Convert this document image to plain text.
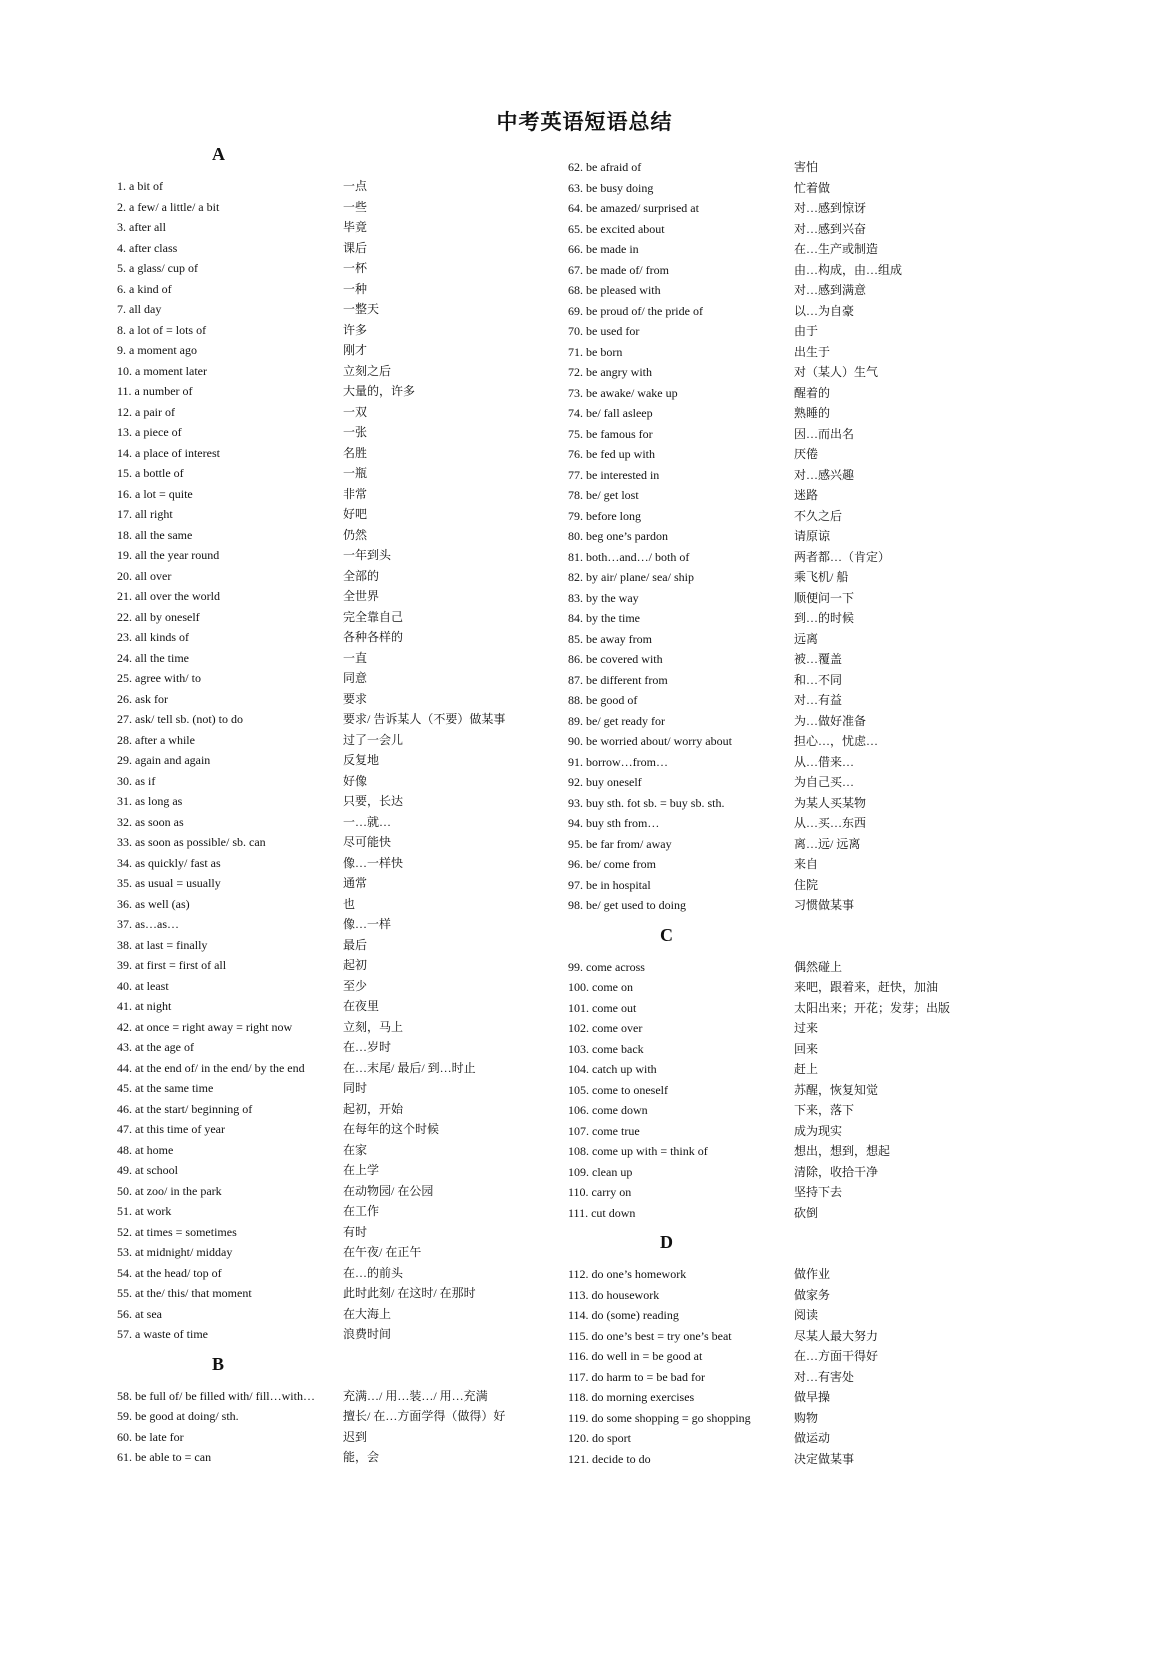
中考英语短语总结
A
1. a bit of	一点
2. a few/ a little/ a bit	一些
3. after all	毕竟
4. after class	课后
5. a glass/ cup of	一杯
6. a kind of	一种
7. all day	一整天
8. a lot of = lots of	许多
9. a moment ago	刚才
10. a moment later	立刻之后
11. a number of	大量的，许多
12. a pair of	一双
13. a piece of	一张
14. a place of interest	名胜
15. a bottle of	一瓶
16. a lot = quite	非常
17. all right	好吧
18. all the same	仍然
19. all the year round	一年到头
20. all over	全部的
21. all over the world	全世界
22. all by oneself	完全靠自己
23. all kinds of	各种各样的
24. all the time	一直
25. agree with/ to	同意
26. ask for	要求
27. ask/ tell sb. (not) to do	要求/ 告诉某人（不要）做某事
28. after a while	过了一会儿
29. again and again	反复地
30. as if	好像
31. as long as	只要，长达
32. as soon as	一…就…
33. as soon as possible/ sb. can	尽可能快
34. as quickly/ fast as	像…一样快
35. as usual = usually	通常
36. as well (as)	也
37. as…as…	像…一样
38. at last = finally	最后
39. at first = first of all	起初
40. at least	至少
41. at night	在夜里
42. at once = right away = right now	立刻，马上
43. at the age of	在…岁时
44. at the end of/ in the end/ by the end	在…末尾/ 最后/ 到…时止
45. at the same time	同时
46. at the start/ beginning of	起初，开始
47. at this time of year	在每年的这个时候
48. at home	在家
49. at school	在上学
50. at zoo/ in the park	在动物园/ 在公园
51. at work	在工作
52. at times = sometimes	有时
53. at midnight/ midday	在午夜/ 在正午
54. at the head/ top of	在…的前头
55. at the/ this/ that moment	此时此刻/ 在这时/ 在那时
56. at sea	在大海上
57. a waste of time	浪费时间
B
58. be full of/ be filled with/ fill…with… 充满…/ 用…装…/ 用…充满
59. be good at doing/ sth.	擅长/ 在…方面学得（做得）好
60. be late for	迟到
61. be able to = can	能，会
62. be afraid of	害怕
63. be busy doing	忙着做
64. be amazed/ surprised at	对…感到惊讶
65. be excited about	对…感到兴奋
66. be made in	在…生产或制造
67. be made of/ from	由…构成，由…组成
68. be pleased with	对…感到满意
69. be proud of/ the pride of	以…为自豪
70. be used for	由于
71. be born	出生于
72. be angry with	对（某人）生气
73. be awake/ wake up	醒着的
74. be/ fall asleep	熟睡的
75. be famous for	因…而出名
76. be fed up with	厌倦
77. be interested in	对…感兴趣
78. be/ get lost	迷路
79. before long	不久之后
80. beg one’s pardon	请原谅
81. both…and…/ both of	两者都…（肯定）
82. by air/ plane/ sea/ ship	乘飞机/ 船
83. by the way	顺便问一下
84. by the time	到…的时候
85. be away from	远离
86. be covered with	被…覆盖
87. be different from	和…不同
88. be good of	对…有益
89. be/ get ready for	为…做好准备
90. be worried about/ worry about	担心…，忧虑…
91. borrow…from…	从…借来…
92. buy oneself	为自己买…
93. buy sth. fot sb. = buy sb. sth.	为某人买某物
94. buy sth from…	从…买…东西
95. be far from/ away	离…远/ 远离
96. be/ come from	来自
97. be in hospital	住院
98. be/ get used to doing	习惯做某事
C
99. come across	偶然碰上
100. come on	来吧，跟着来，赶快，加油
101. come out	太阳出来；开花；发芽；出版
102. come over	过来
103. come back	回来
104. catch up with	赶上
105. come to oneself	苏醒，恢复知觉
106. come down	下来，落下
107. come true	成为现实
108. come up with = think of	想出，想到，想起
109. clean up	清除，收拾干净
110. carry on	坚持下去
111. cut down	砍倒
D
112. do one’s homework	做作业
113. do housework	做家务
114. do (some) reading	阅读
115. do one’s best = try one’s beat	尽某人最大努力
116. do well in = be good at	在…方面干得好
117. do harm to = be bad for	对…有害处
118. do morning exercises	做早操
119. do some shopping = go shopping	购物
120. do sport	做运动
121. decide to do	决定做某事
